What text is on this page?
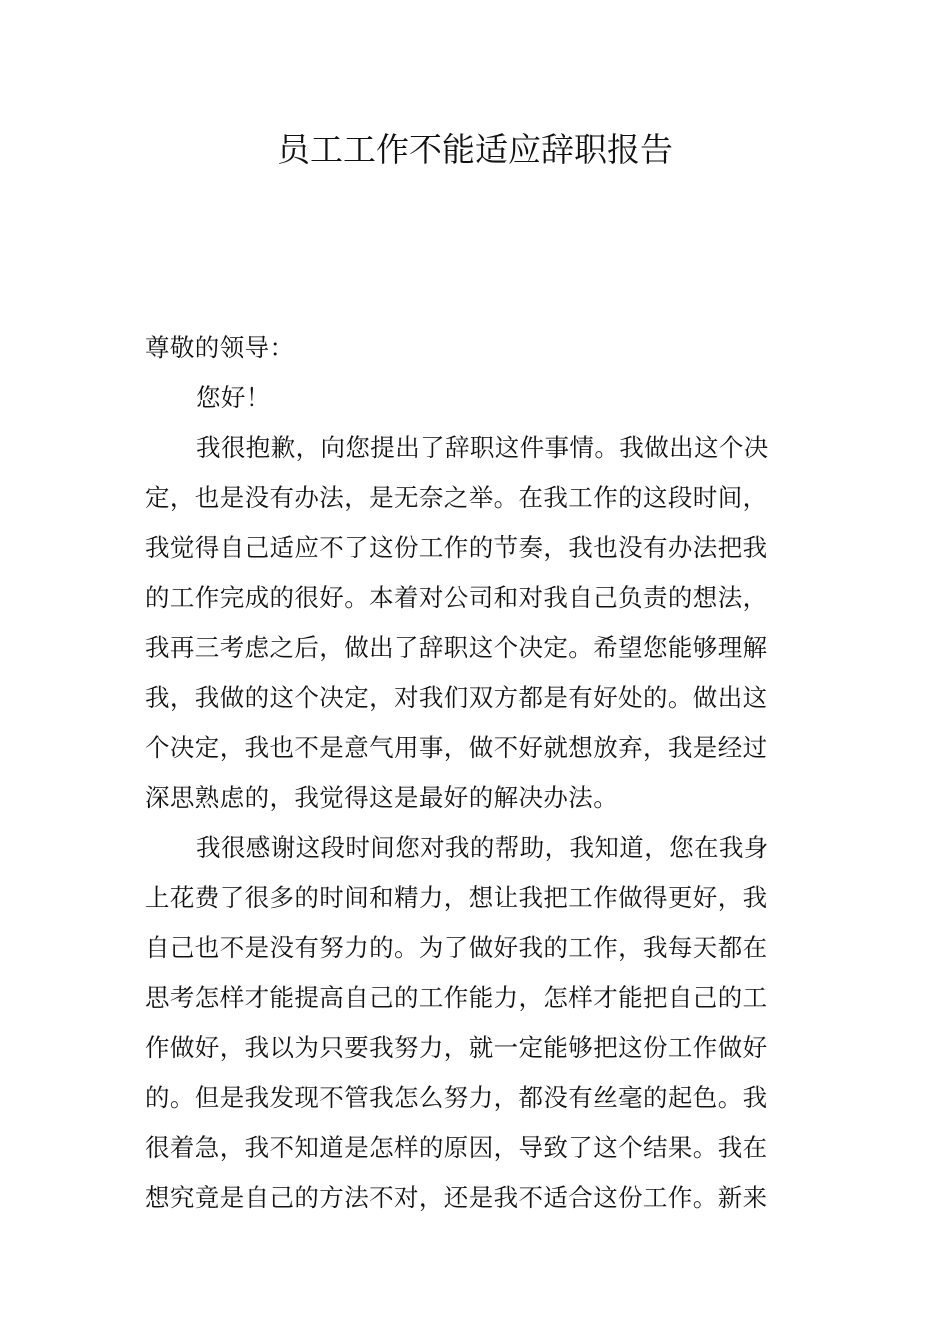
员工工作不能适应辞职报告
尊敬的领导：
您好！
我很抱歉，向您提出了辞职这件事情。我做出这个决
定，也是没有办法，是无奈之举。在我工作的这段时间，
我觉得自己适应不了这份工作的节奏，我也没有办法把我
的工作完成的很好。本着对公司和对我自己负责的想法，
我再三考虑之后，做出了辞职这个决定。希望您能够理解
我，我做的这个决定，对我们双方都是有好处的。做出这
个决定，我也不是意气用事，做不好就想放弃，我是经过
深思熟虑的，我觉得这是最好的解决办法。
我很感谢这段时间您对我的帮助，我知道，您在我身
上花费了很多的时间和精力，想让我把工作做得更好，我
自己也不是没有努力的。为了做好我的工作，我每天都在
思考怎样才能提高自己的工作能力，怎样才能把自己的工
作做好，我以为只要我努力，就一定能够把这份工作做好
的。但是我发现不管我怎么努力，都没有丝毫的起色。我
很着急，我不知道是怎样的原因，导致了这个结果。我在
想究竟是自己的方法不对，还是我不适合这份工作。新来
